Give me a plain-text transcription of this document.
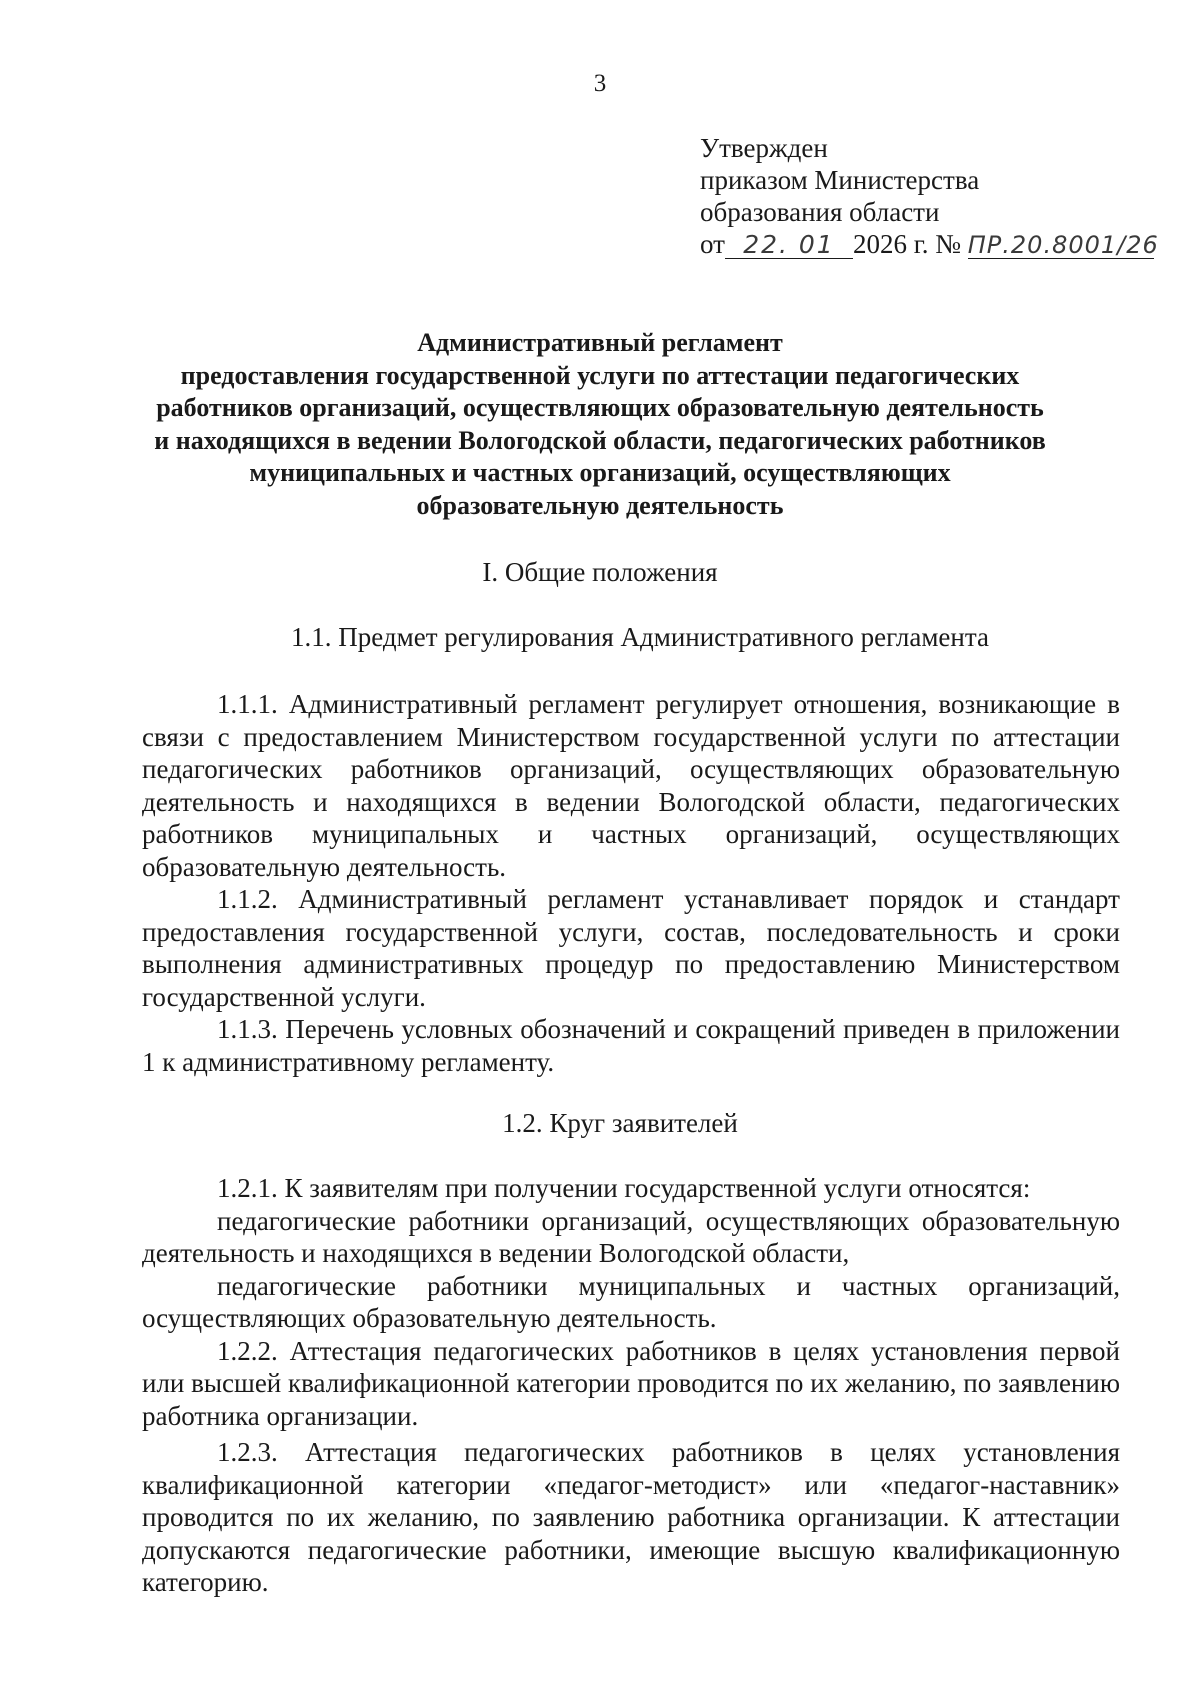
3
Утвержден
приказом Министерства
образования области
от 22. 01 2026 г. № ПР.20.8001/26
Административный регламент
предоставления государственной услуги по аттестации педагогических
работников организаций, осуществляющих образовательную деятельность
и находящихся в ведении Вологодской области, педагогических работников
муниципальных и частных организаций, осуществляющих
образовательную деятельность
I. Общие положения
1.1. Предмет регулирования Административного регламента

1.1.1. Административный регламент регулирует отношения, возникающие в связи с предоставлением Министерством государственной услуги по аттестации педагогических работников организаций, осуществляющих образовательную деятельность и находящихся в ведении Вологодской области, педагогических работников муниципальных и частных организаций, осуществляющих образовательную деятельность.

1.1.2. Административный регламент устанавливает порядок и стандарт предоставления государственной услуги, состав, последовательность и сроки выполнения административных процедур по предоставлению Министерством государственной услуги.

1.1.3. Перечень условных обозначений и сокращений приведен в приложении 1 к административному регламенту.

1.2. Круг заявителей

1.2.1. К заявителям при получении государственной услуги относятся:

педагогические работники организаций, осуществляющих образовательную деятельность и находящихся в ведении Вологодской области,

педагогические работники муниципальных и частных организаций, осуществляющих образовательную деятельность.

1.2.2. Аттестация педагогических работников в целях установления первой или высшей квалификационной категории проводится по их желанию, по заявлению работника организации.

1.2.3. Аттестация педагогических работников в целях установления квалификационной категории «педагог-методист» или «педагог-наставник» проводится по их желанию, по заявлению работника организации. К аттестации допускаются педагогические работники, имеющие высшую квалификационную категорию.
